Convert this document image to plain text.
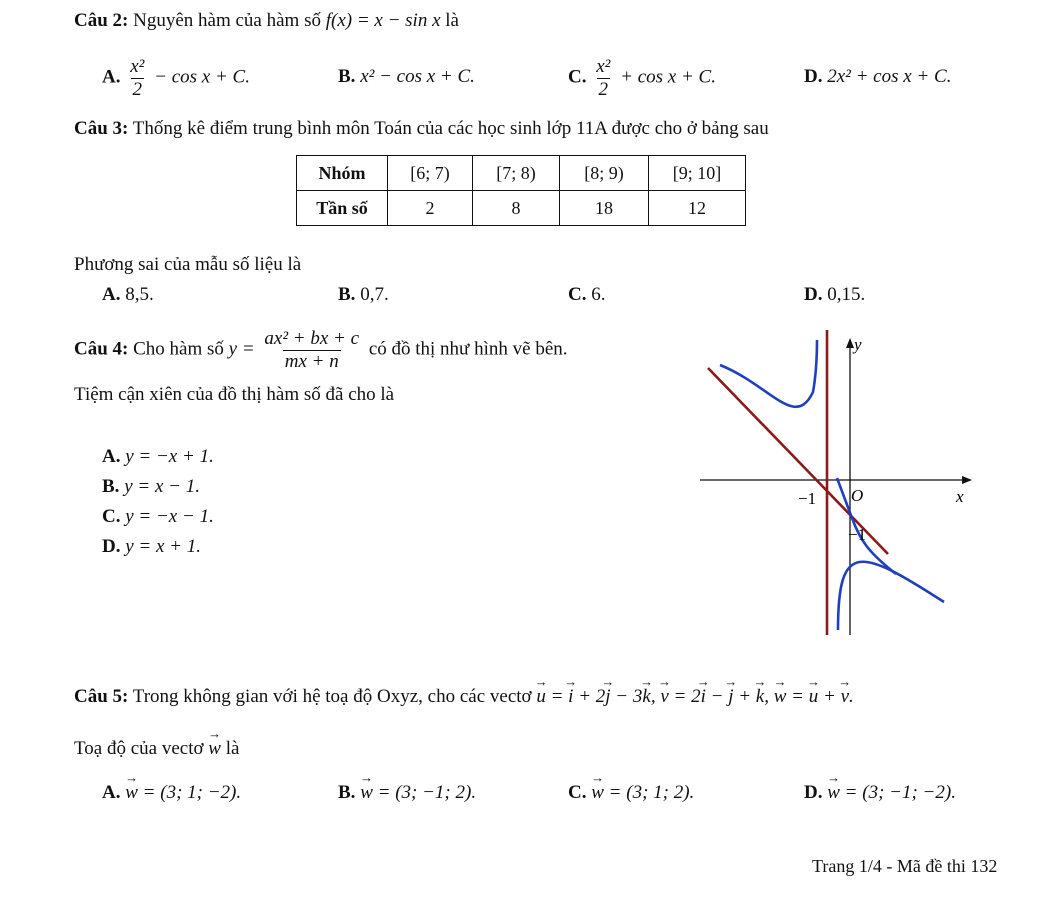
Câu 2: Nguyên hàm của hàm số f(x) = x − sin x là
A. $\frac{\text{x²}}{2} - \cos x + C$.	B. x² − cos x + C.	C. $\frac{\text{x²}}{2} + \cos x + C$.	D. 2x² + cos x + C.
Câu 3: Thống kê điểm trung bình môn Toán của các học sinh lớp 11A được cho ở bảng sau
Nhóm	[6; 7)	[7; 8)	[8; 9)	[9; 10]
Tần số	2	8	18	12
Phương sai của mẫu số liệu là
A. 8,5.	B. 0,7.	C. 6.	D. 0,15.
Câu 4: Cho hàm số $y = \frac{\text{ax² + bx + c}}{mx + n}$ có đồ thị như hình vẽ bên.
Tiệm cận xiên của đồ thị hàm số đã cho là
A. y = −x + 1.
B. y = x − 1.
C. y = −x − 1.
D. y = x + 1.
y
x
O
−1
−1
Câu 5: Trong không gian với hệ toạ độ Oxyz, cho các vectơ → u = → i + 2→ j − 3→ k, → v = 2→ i − → j + → k, → w = → u + → v.
Toạ độ của vectơ → w là
A. → w = (3; 1; −2).	B. → w = (3; −1; 2).	C. → w = (3; 1; 2).	D. → w = (3; −1; −2).
Trang 1/4 - Mã đề thi 132
